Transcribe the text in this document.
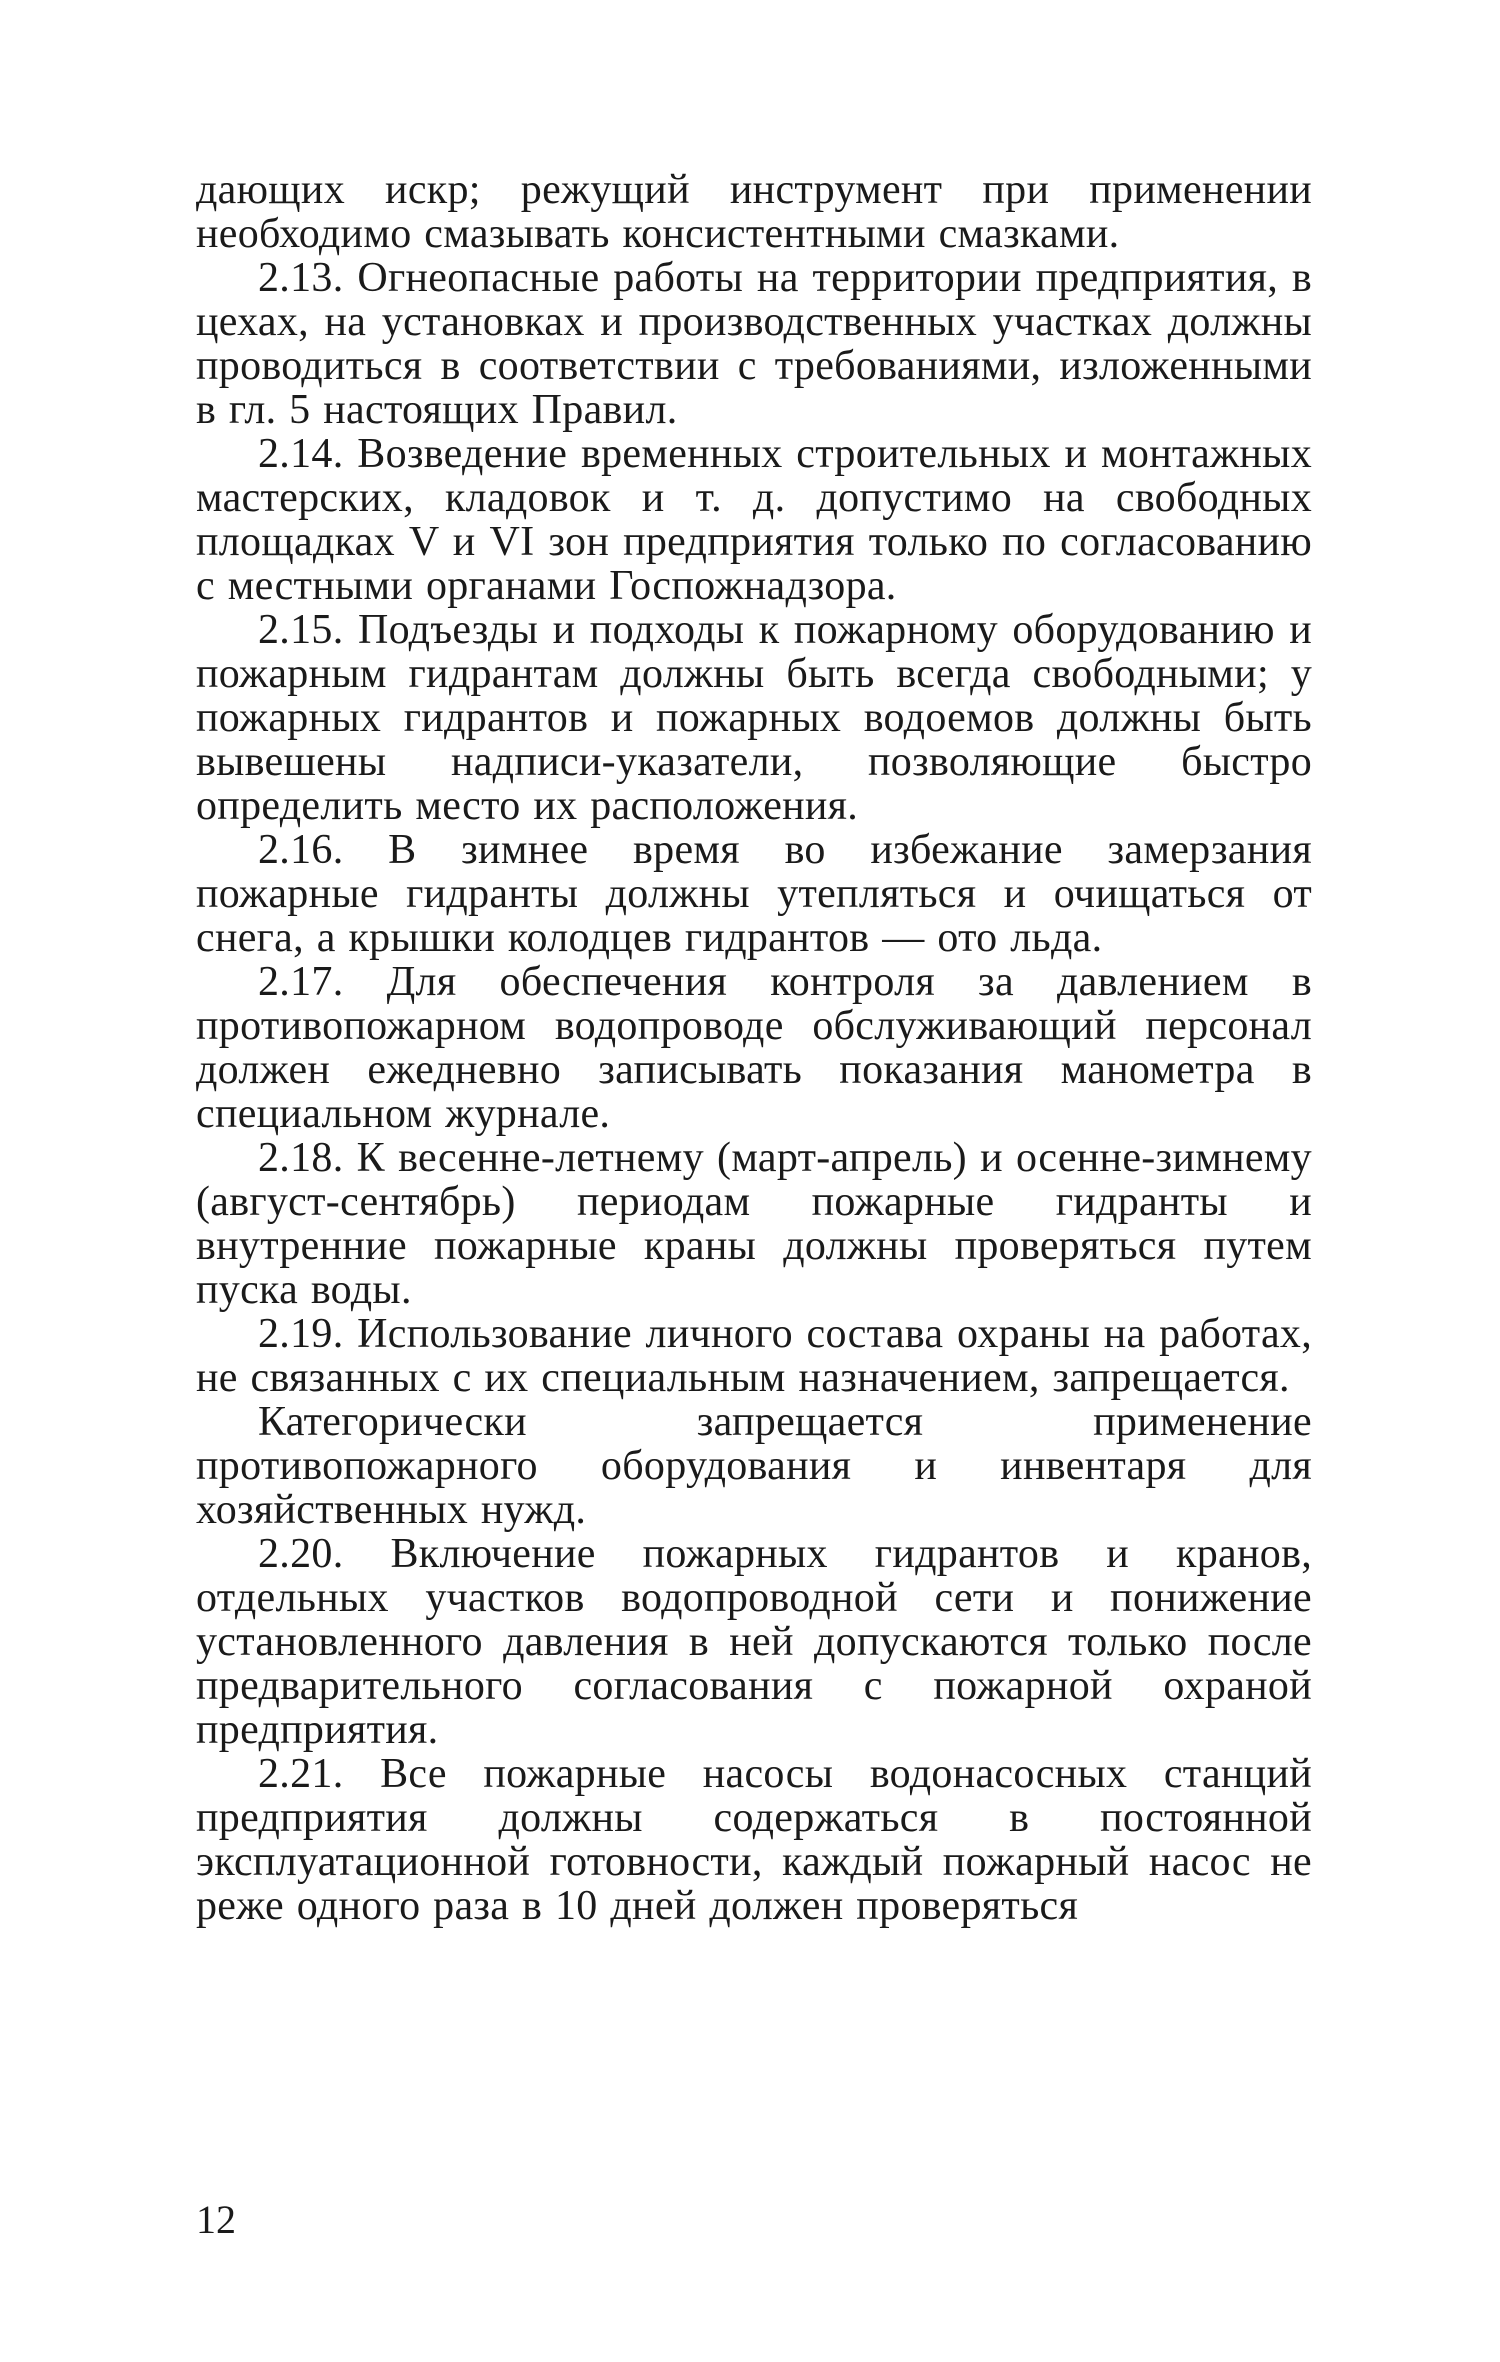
дающих искр; режущий инструмент при применении необходимо смазывать консистентными смазками.

2.13. Огнеопасные работы на территории предприятия, в цехах, на установках и производственных участках должны проводиться в соответствии с требованиями, изложенными в гл. 5 настоящих Правил.

2.14. Возведение временных строительных и монтажных мастерских, кладовок и т. д. допустимо на свободных площадках V и VI зон предприятия только по согласованию с местными органами Госпожнадзора.

2.15. Подъезды и подходы к пожарному оборудованию и пожарным гидрантам должны быть всегда свободными; у пожарных гидрантов и пожарных водоемов должны быть вывешены надписи-указатели, позволяющие быстро определить место их расположения.

2.16. В зимнее время во избежание замерзания пожарные гидранты должны утепляться и очищаться от снега, а крышки колодцев гидрантов — ото льда.

2.17. Для обеспечения контроля за давлением в противопожарном водопроводе обслуживающий персонал должен ежедневно записывать показания манометра в специальном журнале.

2.18. К весенне-летнему (март-апрель) и осенне-зимнему (август-сентябрь) периодам пожарные гидранты и внутренние пожарные краны должны проверяться путем пуска воды.

2.19. Использование личного состава охраны на работах, не связанных с их специальным назначением, запрещается.

Категорически запрещается применение противопожарного оборудования и инвентаря для хозяйственных нужд.

2.20. Включение пожарных гидрантов и кранов, отдельных участков водопроводной сети и понижение установленного давления в ней допускаются только после предварительного согласования с пожарной охраной предприятия.

2.21. Все пожарные насосы водонасосных станций предприятия должны содержаться в постоянной эксплуатационной готовности, каждый пожарный насос не реже одного раза в 10 дней должен проверяться

12
